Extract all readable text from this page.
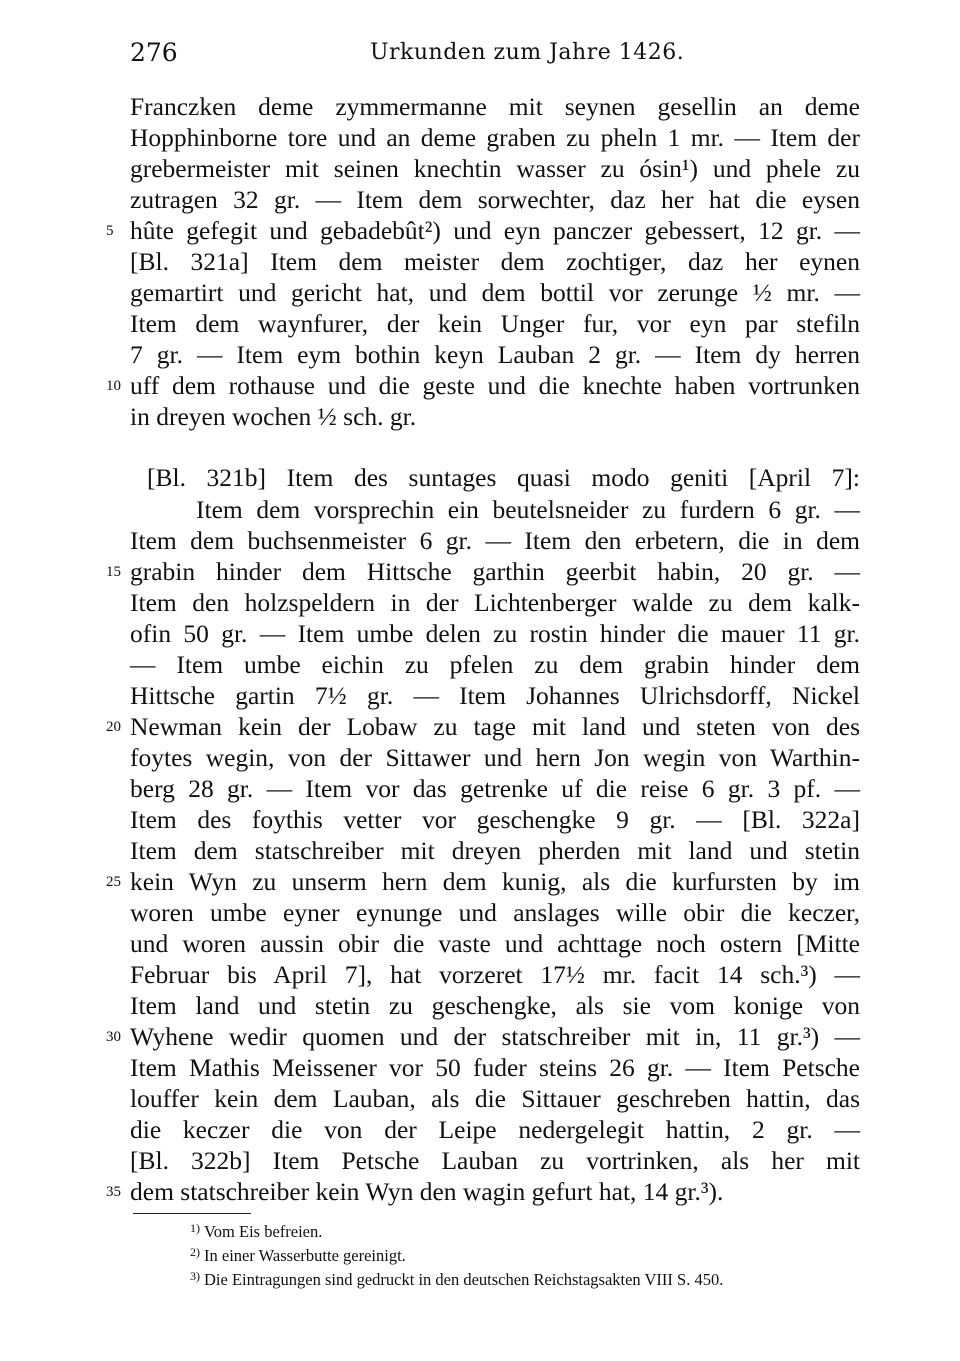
276	Urkunden zum Jahre 1426.
Franczken deme zymmermanne mit seynen gesellin an deme
Hopphinborne tore und an deme graben zu pheln 1 mr. — Item der
grebermeister mit seinen knechtin wasser zu ósin¹) und phele zu
zutragen 32 gr. — Item dem sorwechter, daz her hat die eysen
hûte gefegit und gebadebût²) und eyn panczer gebessert, 12 gr. —
[Bl. 321a] Item dem meister dem zochtiger, daz her eynen
gemartirt und gericht hat, und dem bottil vor zerunge ½ mr. —
Item dem waynfurer, der kein Unger fur, vor eyn par stefiln
7 gr. — Item eym bothin keyn Lauban 2 gr. — Item dy herren
uff dem rothause und die geste und die knechte haben vortrunken
in dreyen wochen ½ sch. gr.
[Bl. 321b] Item des suntages quasi modo geniti [April 7]:
Item dem vorsprechin ein beutelsneider zu furdern 6 gr. —
Item dem buchsenmeister 6 gr. — Item den erbetern, die in dem
grabin hinder dem Hittsche garthin geerbit habin, 20 gr. —
Item den holzspeldern in der Lichtenberger walde zu dem kalk-
ofin 50 gr. — Item umbe delen zu rostin hinder die mauer 11 gr.
— Item umbe eichin zu pfelen zu dem grabin hinder dem
Hittsche gartin 7½ gr. — Item Johannes Ulrichsdorff, Nickel
Newman kein der Lobaw zu tage mit land und steten von des
foytes wegin, von der Sittawer und hern Jon wegin von Warthin-
berg 28 gr. — Item vor das getrenke uf die reise 6 gr. 3 pf. —
Item des foythis vetter vor geschengke 9 gr. — [Bl. 322a]
Item dem statschreiber mit dreyen pherden mit land und stetin
kein Wyn zu unserm hern dem kunig, als die kurfursten by im
woren umbe eyner eynunge und anslages wille obir die keczer,
und woren aussin obir die vaste und achttage noch ostern [Mitte
Februar bis April 7], hat vorzeret 17½ mr. facit 14 sch.³) —
Item land und stetin zu geschengke, als sie vom konige von
Wyhene wedir quomen und der statschreiber mit in, 11 gr.³) —
Item Mathis Meissener vor 50 fuder steins 26 gr. — Item Petsche
louffer kein dem Lauban, als die Sittauer geschreben hattin, das
die keczer die von der Leipe nedergelegit hattin, 2 gr. —
[Bl. 322b] Item Petsche Lauban zu vortrinken, als her mit
dem statschreiber kein Wyn den wagin gefurt hat, 14 gr.³).
5
10
15
20
25
30
35
1) Vom Eis befreien.
2) In einer Wasserbutte gereinigt.
3) Die Eintragungen sind gedruckt in den deutschen Reichstagsakten VIII S. 450.
